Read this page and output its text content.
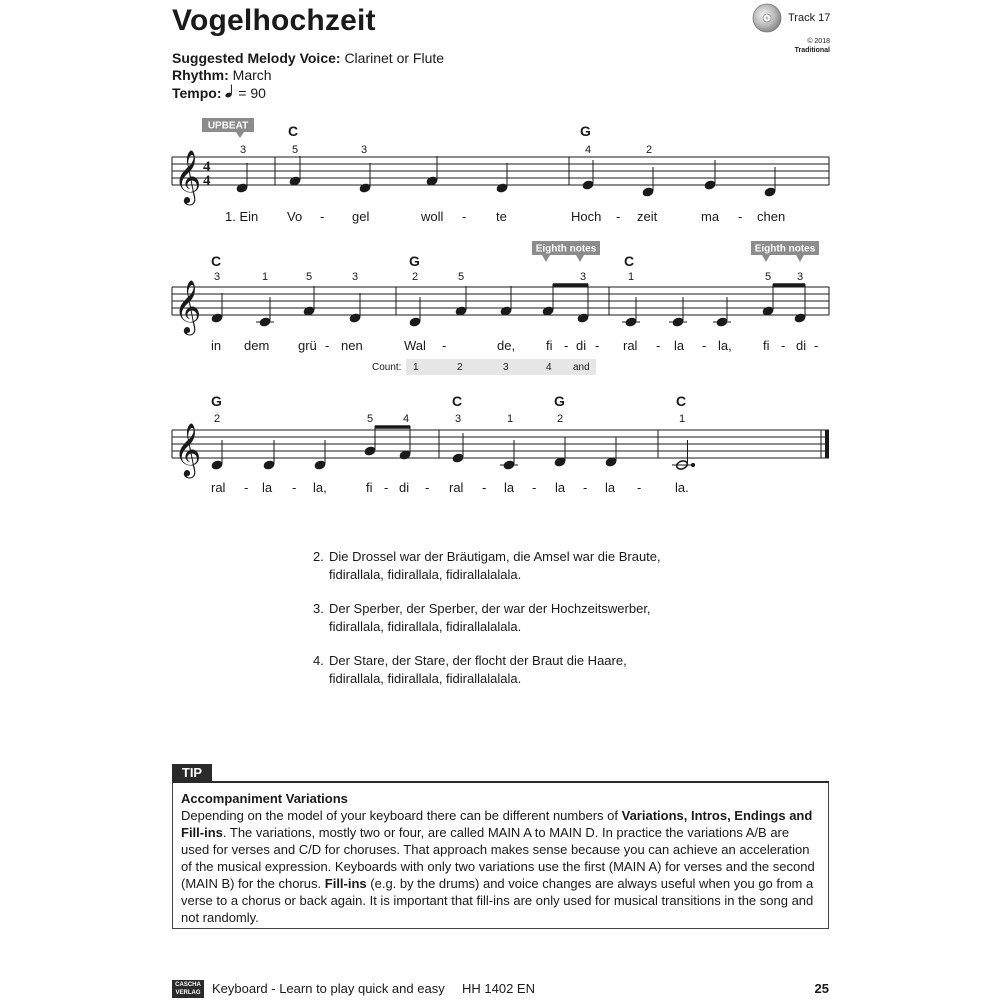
Vogelhochzeit	Track 17
© 2018
Traditional
Suggested Melody Voice: Clarinet or Flute
Rhythm: March
Tempo: = 90
𝄞 4
4
UPBEAT	C	G
3	5	3	4	2
1. Ein Vo - gel	woll - te	Hoch - zeit	ma - chen
𝄞
Eighth notes	Eighth notes
C	G	C
3	1	5	3	2	5	3	1	5 3
in dem grü - nen	Wal -	de, fi - di - ral - la - la, fi - di -
Count: 1	2	3	4 and
𝄞
G	C	G	C
2	5	4	3	1	2	1
ral - la - la,	fi - di - ral - la - la - la -	la.
2. Die Drossel war der Bräutigam, die Amsel war die Braute,
fidirallala, fidirallala, fidirallalalala.
3. Der Sperber, der Sperber, der war der Hochzeitswerber,
fidirallala, fidirallala, fidirallalalala.
4. Der Stare, der Stare, der flocht der Braut die Haare,
fidirallala, fidirallala, fidirallalalala.
TIP
Accompaniment Variations
Depending on the model of your keyboard there can be different numbers of Variations, Intros, Endings and Fill-ins. The variations, mostly two or four, are called MAIN A to MAIN D. In practice the variations A/B are used for verses and C/D for choruses. That approach makes sense because you can achieve an acceleration of the musical expression. Keyboards with only two variations use the first (MAIN A) for verses and the second (MAIN B) for the chorus. Fill-ins (e.g. by the drums) and voice changes are always useful when you go from a verse to a chorus or back again. It is important that fill-ins are only used for musical transitions in the song and not randomly.
CASCHA VERLAG Keyboard - Learn to play quick and easy HH 1402 EN	25
